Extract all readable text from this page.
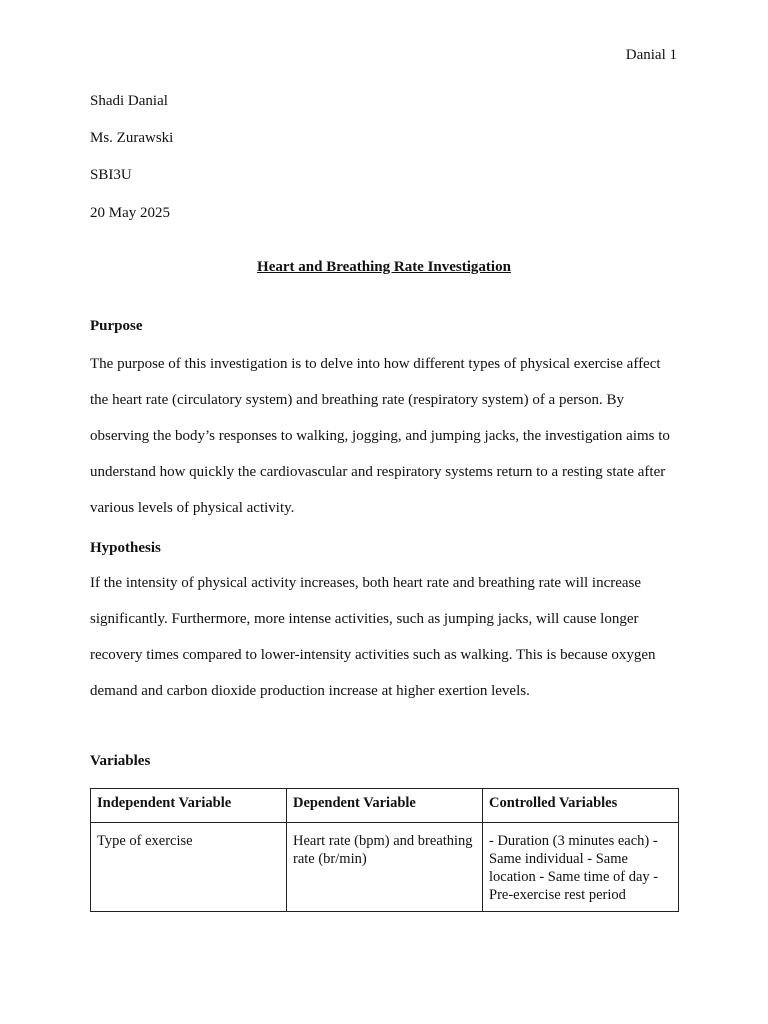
Danial 1
Shadi Danial
Ms. Zurawski
SBI3U
20 May 2025
Heart and Breathing Rate Investigation
Purpose
The purpose of this investigation is to delve into how different types of physical exercise affect
the heart rate (circulatory system) and breathing rate (respiratory system) of a person. By
observing the body’s responses to walking, jogging, and jumping jacks, the investigation aims to
understand how quickly the cardiovascular and respiratory systems return to a resting state after
various levels of physical activity.
Hypothesis
If the intensity of physical activity increases, both heart rate and breathing rate will increase
significantly. Furthermore, more intense activities, such as jumping jacks, will cause longer
recovery times compared to lower-intensity activities such as walking. This is because oxygen
demand and carbon dioxide production increase at higher exertion levels.
Variables
Independent Variable	Dependent Variable	Controlled Variables
Type of exercise	Heart rate (bpm) and breathing rate (br/min)	- Duration (3 minutes each) - Same individual - Same location - Same time of day - Pre-exercise rest period
